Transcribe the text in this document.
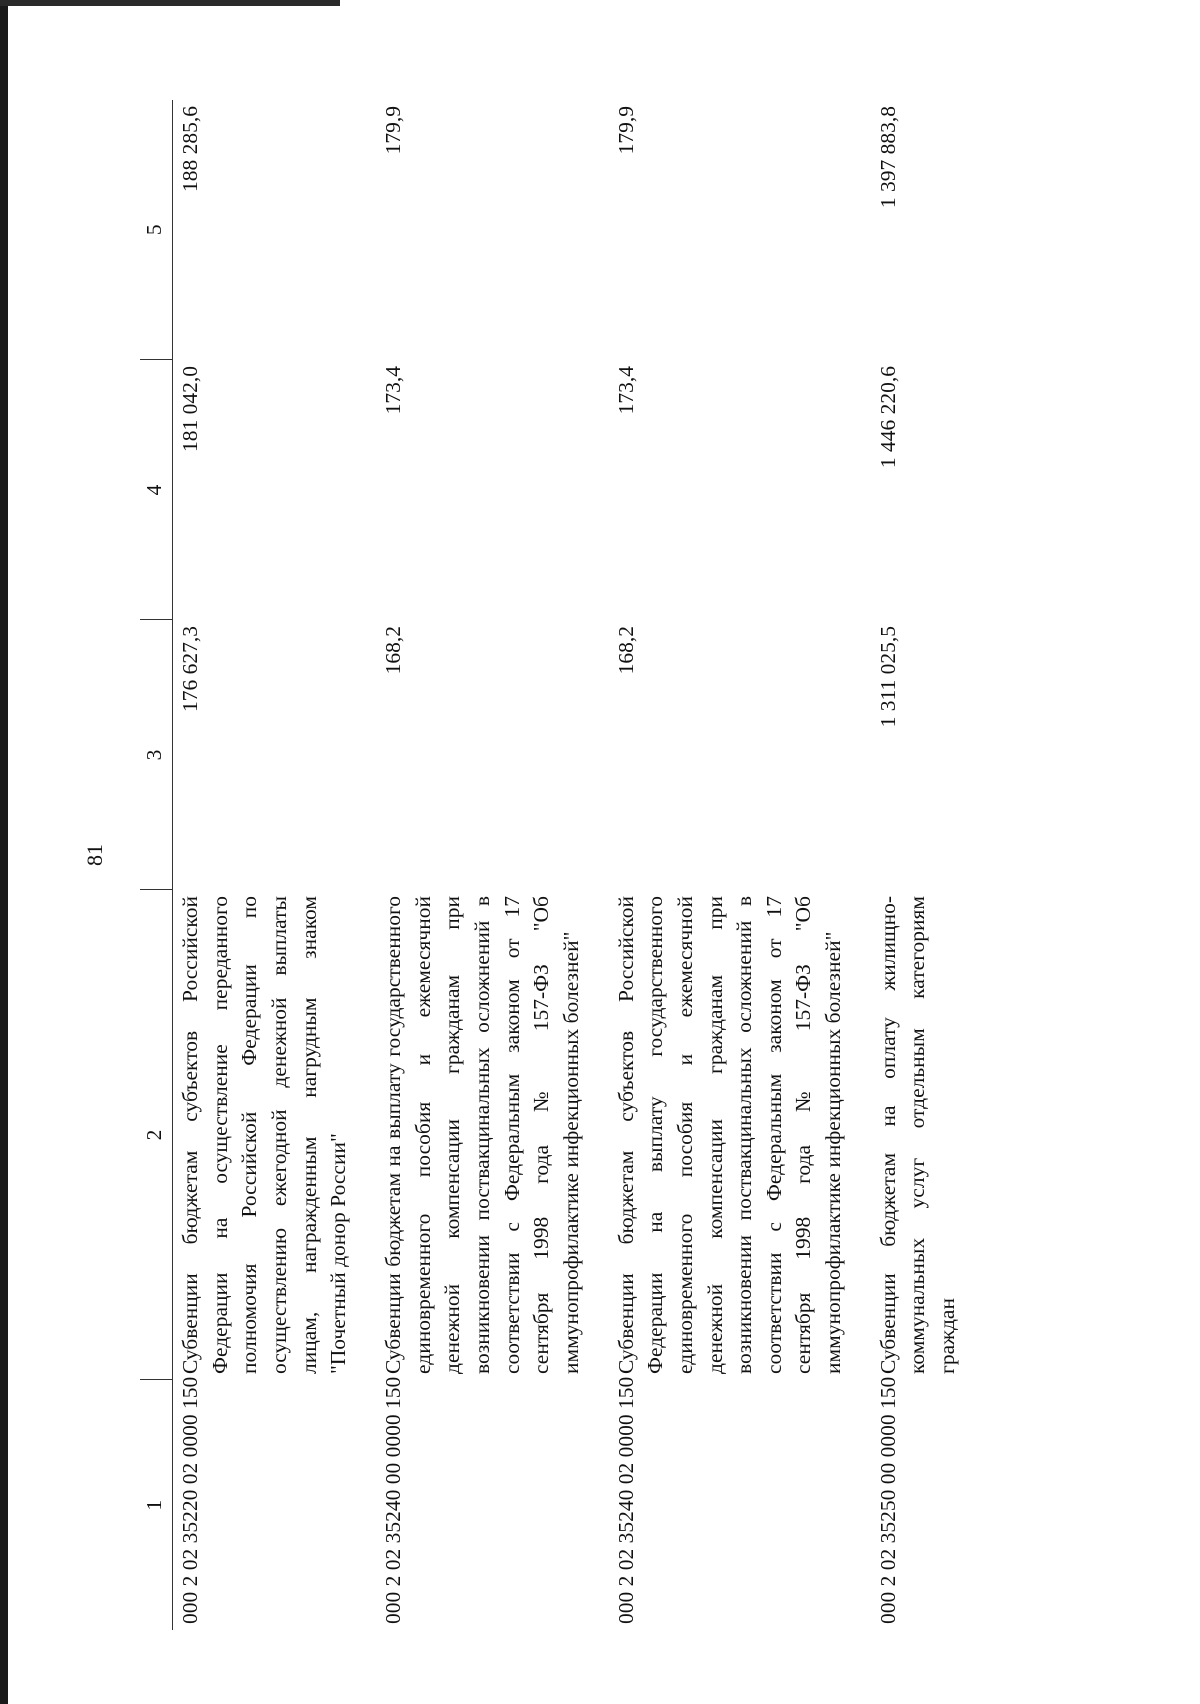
81
1	2	3	4	5
000 2 02 35220 02 0000 150	Субвенции бюджетам субъектов Российской Федерации на осуществление переданного полномочия Российской Федерации по осуществлению ежегодной денежной выплаты лицам, награжденным нагрудным знаком "Почетный донор России"	176 627,3	181 042,0	188 285,6
000 2 02 35240 00 0000 150	Субвенции бюджетам на выплату государственного единовременного пособия и ежемесячной денежной компенсации гражданам при возникновении поствакцинальных осложнений в соответствии с Федеральным законом от 17 сентября 1998 года № 157-ФЗ "Об иммунопрофилактике инфекционных болезней"	168,2	173,4	179,9
000 2 02 35240 02 0000 150	Субвенции бюджетам субъектов Российской Федерации на выплату государственного единовременного пособия и ежемесячной денежной компенсации гражданам при возникновении поствакцинальных осложнений в соответствии с Федеральным законом от 17 сентября 1998 года № 157-ФЗ "Об иммунопрофилактике инфекционных болезней"	168,2	173,4	179,9
000 2 02 35250 00 0000 150	Субвенции бюджетам на оплату жилищно-коммунальных услуг отдельным категориям граждан	1 311 025,5	1 446 220,6	1 397 883,8
